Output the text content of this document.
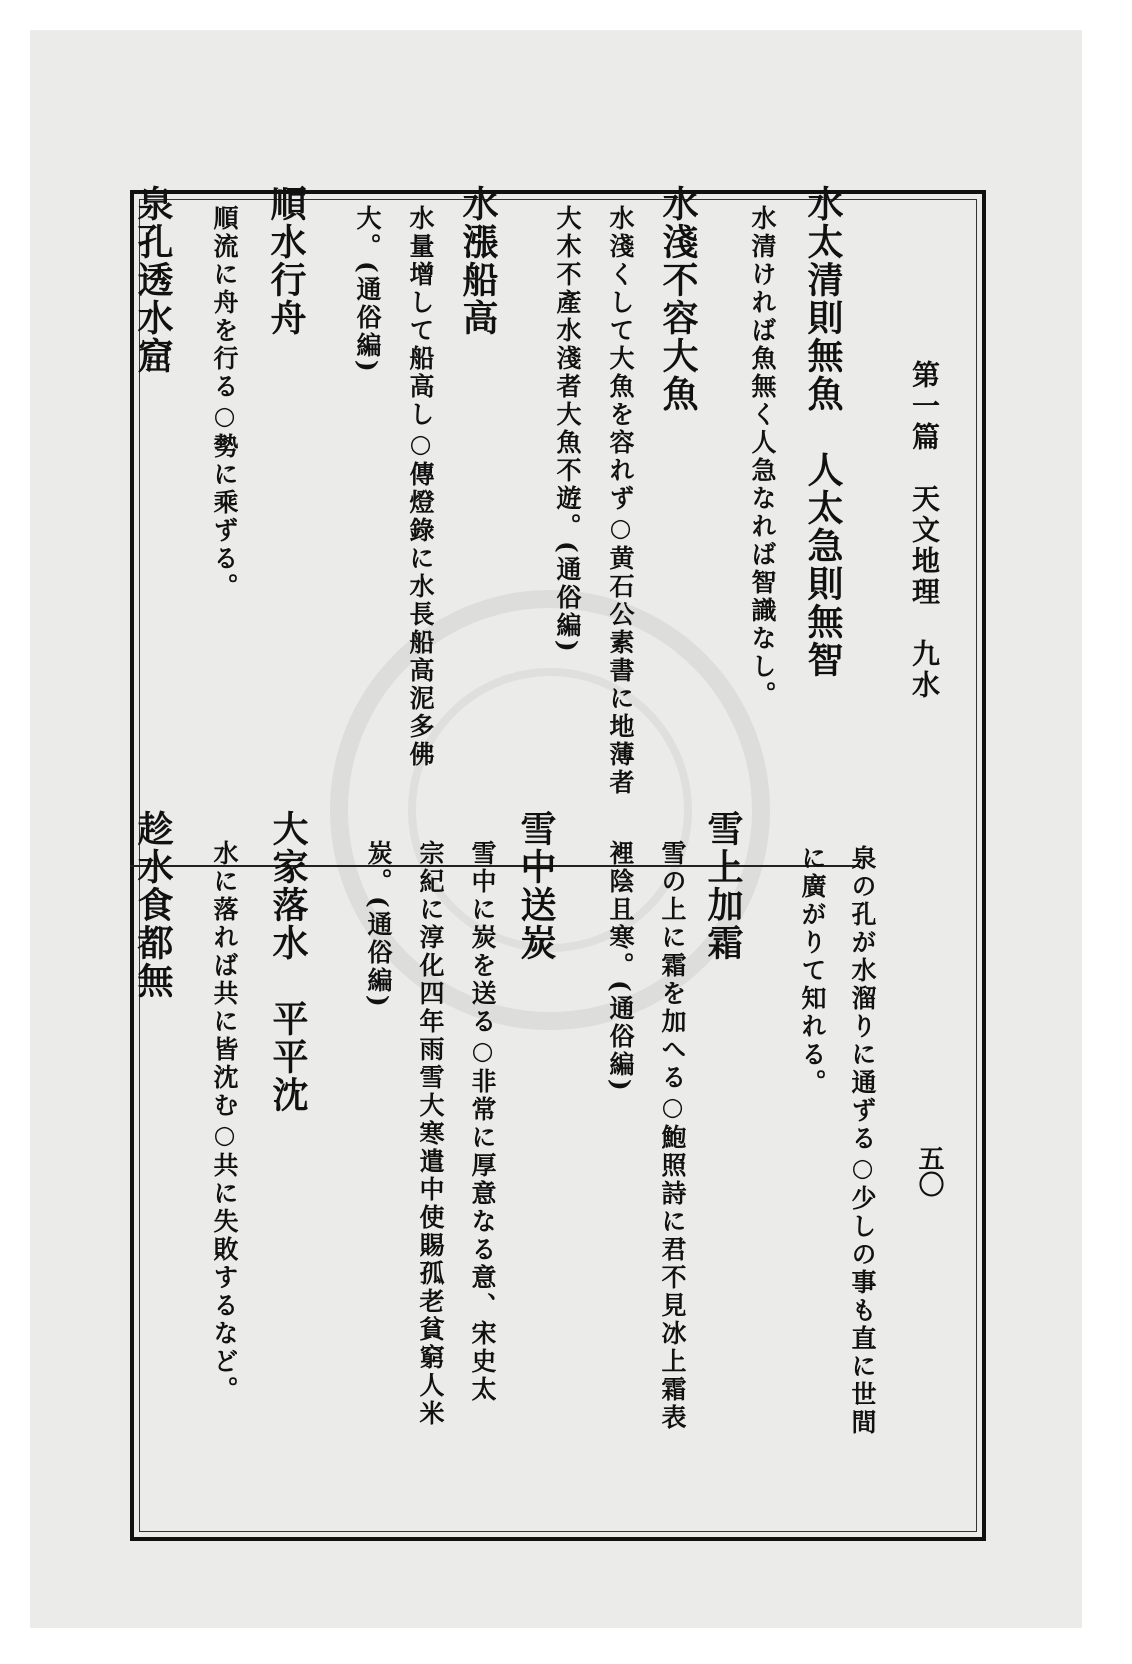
第一篇　天文地理　九水
五〇
水太清則無魚　人太急則無智
水清ければ魚無く人急なれば智識なし。
水淺不容大魚
水淺くして大魚を容れず○黄石公素書に地薄者
大木不產水淺者大魚不遊。(通俗編)
水漲船高
水量增して船高し○傳燈錄に水長船高泥多佛
大。(通俗編)
順水行舟
順流に舟を行る○勢に乘ずる。
泉孔透水窟
泉の孔が水溜りに通ずる○少しの事も直に世間
に廣がりて知れる。
雪上加霜
雪の上に霜を加へる○鮑照詩に君不見冰上霜表
裡陰且寒。(通俗編)
雪中送炭
雪中に炭を送る○非常に厚意なる意、宋史太
宗紀に淳化四年雨雪大寒遣中使賜孤老貧窮人米
炭。(通俗編)
大家落水　平平沈
水に落れば共に皆沈む○共に失敗するなど。
趁水食都無
